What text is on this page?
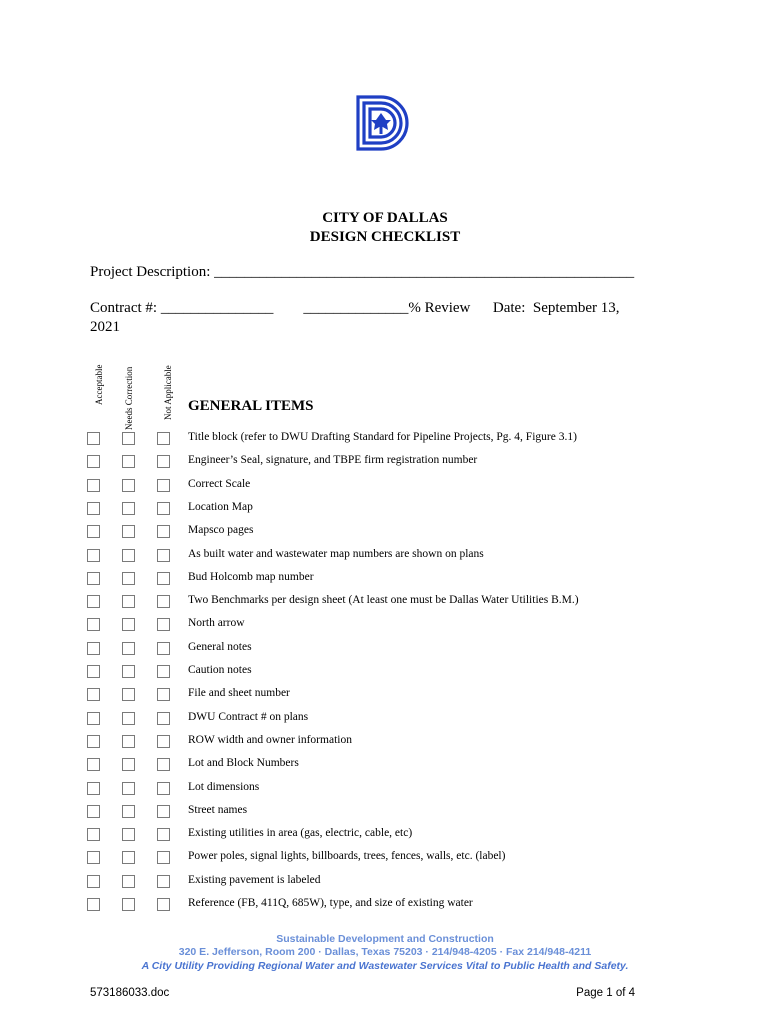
CITY OF DALLAS
DESIGN CHECKLIST
Project Description: ________________________________________________________
Contract #: _______________        ______________% Review      Date:  September 13,
2021
Acceptable Needs Correction	Not Applicable GENERAL ITEMS
Title block (refer to DWU Drafting Standard for Pipeline Projects, Pg. 4, Figure 3.1)
Engineer’s Seal, signature, and TBPE firm registration number
Correct Scale
Location Map
Mapsco pages
As built water and wastewater map numbers are shown on plans
Bud Holcomb map number
Two Benchmarks per design sheet (At least one must be Dallas Water Utilities B.M.)
North arrow
General notes
Caution notes
File and sheet number
DWU Contract # on plans
ROW width and owner information
Lot and Block Numbers
Lot dimensions
Street names
Existing utilities in area (gas, electric, cable, etc)
Power poles, signal lights, billboards, trees, fences, walls, etc. (label)
Existing pavement is labeled
Reference (FB, 411Q, 685W), type, and size of existing water
Sustainable Development and Construction
320 E. Jefferson, Room 200 · Dallas, Texas 75203 · 214/948-4205 · Fax 214/948-4211
A City Utility Providing Regional Water and Wastewater Services Vital to Public Health and Safety.
573186033.doc	Page 1 of 4
